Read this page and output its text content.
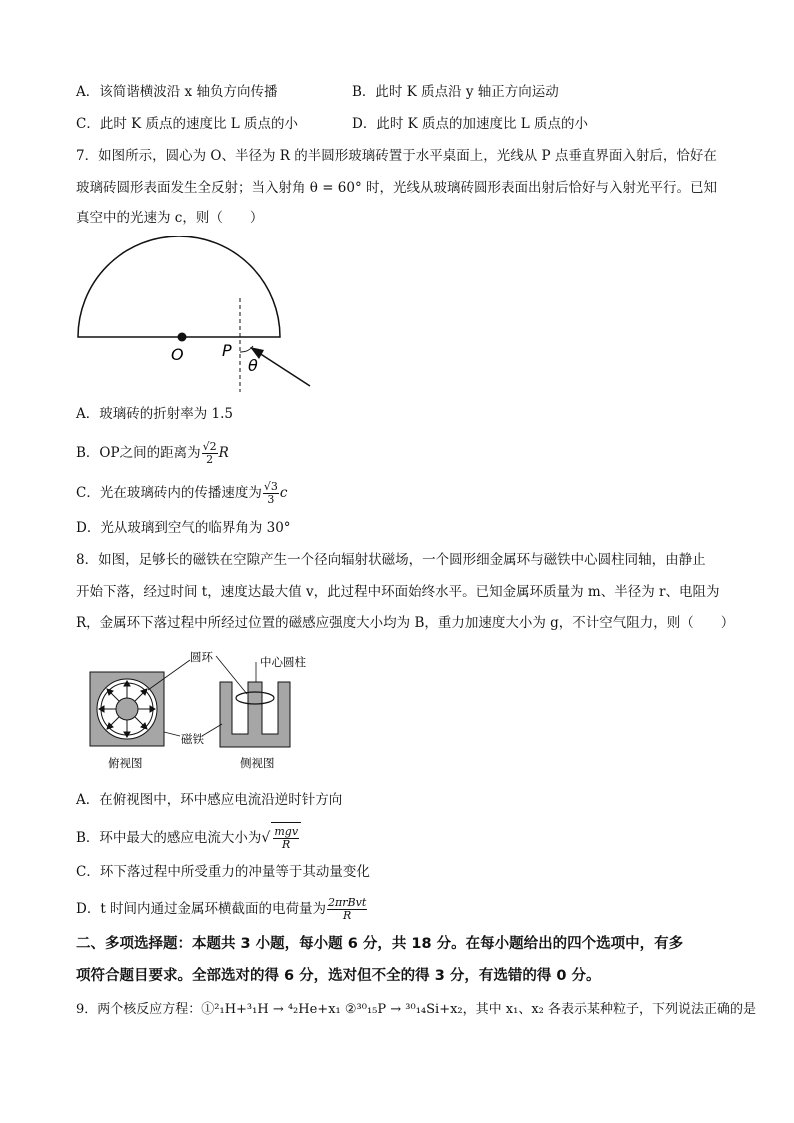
A．该简谐横波沿 x 轴负方向传播	B．此时 K 质点沿 y 轴正方向运动
C．此时 K 质点的速度比 L 质点的小	D．此时 K 质点的加速度比 L 质点的小
7．如图所示，圆心为 O、半径为 R 的半圆形玻璃砖置于水平桌面上，光线从 P 点垂直界面入射后，恰好在
玻璃砖圆形表面发生全反射；当入射角 θ = 60° 时，光线从玻璃砖圆形表面出射后恰好与入射光平行。已知
真空中的光速为 c，则（　　）
O P
θ
A．玻璃砖的折射率为 1.5
B．OP之间的距离为 $\frac{√2}{2}$ R
C．光在玻璃砖内的传播速度为 $\frac{√3}{3}$ c
D．光从玻璃到空气的临界角为 30°
8．如图，足够长的磁铁在空隙产生一个径向辐射状磁场，一个圆形细金属环与磁铁中心圆柱同轴，由静止
开始下落，经过时间 t，速度达最大值 v，此过程中环面始终水平。已知金属环质量为 m、半径为 r、电阻为
R，金属环下落过程中所经过位置的磁感应强度大小均为 B，重力加速度大小为 g，不计空气阻力，则（　　）
圆环	中心圆柱
磁铁
俯视图	侧视图
A．在俯视图中，环中感应电流沿逆时针方向
B．环中最大的感应电流大小为√ $\frac{\text{mgv}}{R}$
C．环下落过程中所受重力的冲量等于其动量变化
D．t 时间内通过金属环横截面的电荷量为 $\frac{\text{2πrBvt}}{R}$
二、多项选择题：本题共 3 小题，每小题 6 分，共 18 分。在每小题给出的四个选项中，有多
项符合题目要求。全部选对的得 6 分，选对但不全的得 3 分，有选错的得 0 分。
9．两个核反应方程：①²₁H+³₁H → ⁴₂He+x₁ ②³⁰₁₅P → ³⁰₁₄Si+x₂，其中 x₁、x₂ 各表示某种粒子，下列说法正确的是
